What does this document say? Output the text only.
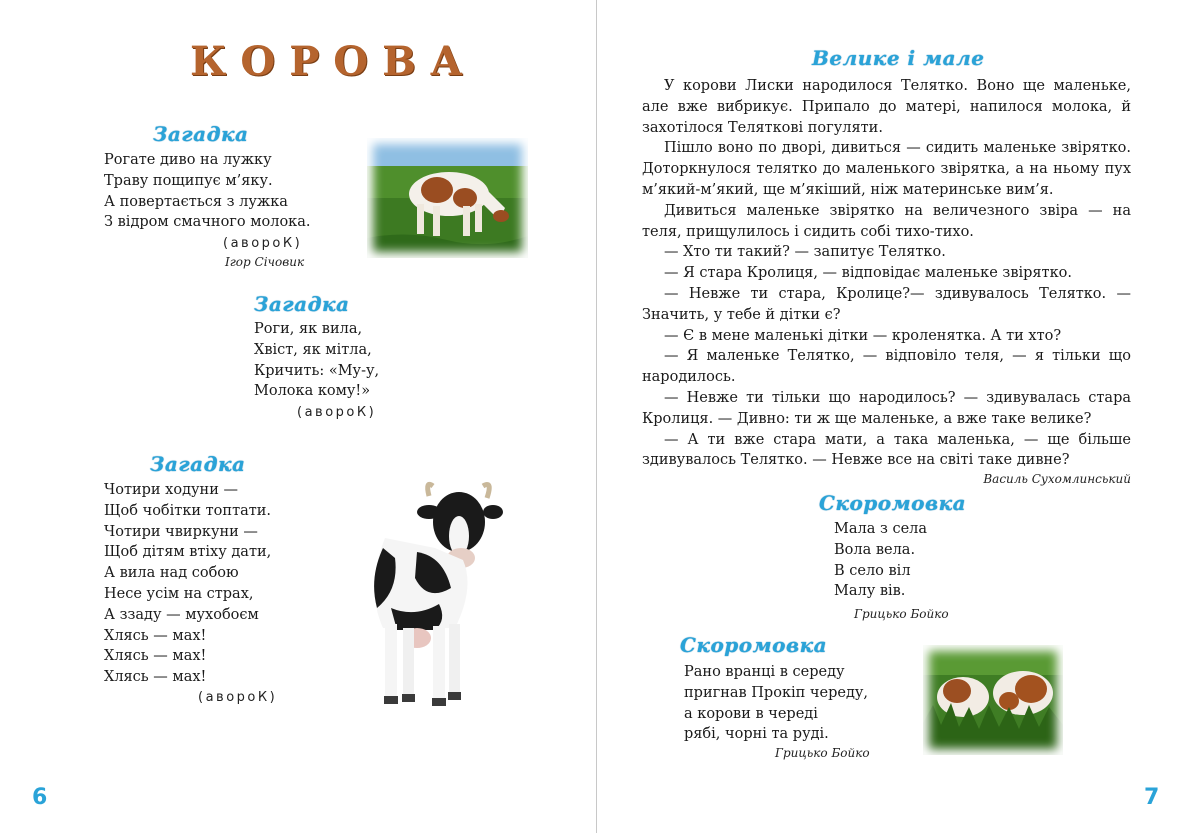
КОРОВА
Загадка
Рогате диво на лужку
Траву пощипує м’яку.
А повертається з лужка
З відром смачного молока.
(авороК)
Ігор Січовик
Загадка
Роги, як вила,
Хвіст, як мітла,
Кричить: «Му-у,
Молока кому!»
(авороК)
Загадка
Чотири ходуни —
Щоб чобітки топтати.
Чотири чвиркуни —
Щоб дітям втіху дати,
А вила над собою
Несе усім на страх,
А ззаду — мухобоєм
Хлясь — мах!
Хлясь — мах!
Хлясь — мах!
(авороК)
6
Велике і мале

У корови Лиски народилося Телятко. Воно ще маленьке, але вже вибрикує. Припало до матері, напилося молока, й захотілося Телятковi погуляти.

Пішло воно по дворі, дивиться — сидить маленьке звірятко. Доторкнулося телятко до маленького звірятка, а на ньому пух м’який-м’який, ще м’якіший, ніж материнське вим’я.

Дивиться маленьке звірятко на величезного звіра — на теля, прищулилось і сидить собі тихо-тихо.

— Хто ти такий? — запитує Телятко.

— Я стара Кролиця, — відповідає маленьке звірятко.

— Невже ти стара, Кролице?— здивувалось Телятко. — Значить, у тебе й дітки є?

— Є в мене маленькі дітки — кроленятка. А ти хто?

— Я маленьке Телятко, — відповіло теля, — я тільки що народилось.

— Невже ти тільки що народилось? — здивувалась стара Кролиця. — Дивно: ти ж ще маленьке, а вже таке велике?

— А ти вже стара мати, а така маленька, — ще більше здивувалось Телятко. — Невже все на світі таке дивне?

Василь Сухомлинський
Скоромовка
Мала з села
Вола вела.
В село віл
Малу вів.
Грицько Бойко
Скоромовка
Рано вранці в середу
пригнав Прокіп череду,
а корови в череді
рябі, чорні та руді.
Грицько Бойко
7
